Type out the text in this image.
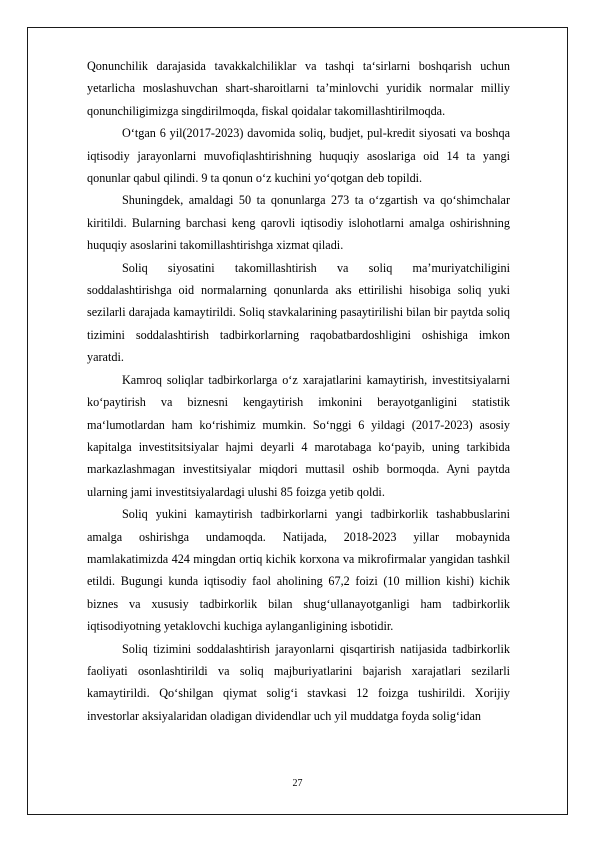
Qonunchilik darajasida tavakkalchiliklar va tashqi ta‘sirlarni boshqarish uchun yetarlicha moslashuvchan shart-sharoitlarni ta’minlovchi yuridik normalar milliy qonunchiligimizga singdirilmoqda, fiskal qoidalar takomillashtirilmoqda.

O‘tgan 6 yil(2017-2023) davomida soliq, budjet, pul-kredit siyosati va boshqa iqtisodiy jarayonlarni muvofiqlashtirishning huquqiy asoslariga oid 14 ta yangi qonunlar qabul qilindi. 9 ta qonun o‘z kuchini yo‘qotgan deb topildi.

Shuningdek, amaldagi 50 ta qonunlarga 273 ta o‘zgartish va qo‘shimchalar kiritildi. Bularning barchasi keng qarovli iqtisodiy islohotlarni amalga oshirishning huquqiy asoslarini takomillashtirishga xizmat qiladi.

Soliq siyosatini takomillashtirish va soliq ma’muriyatchiligini soddalashtirishga oid normalarning qonunlarda aks ettirilishi hisobiga soliq yuki sezilarli darajada kamaytirildi. Soliq stavkalarining pasaytirilishi bilan bir paytda soliq tizimini soddalashtirish tadbirkorlarning raqobatbardoshligini oshishiga imkon yaratdi.

Kamroq soliqlar tadbirkorlarga o‘z xarajatlarini kamaytirish, investitsiyalarni ko‘paytirish va biznesni kengaytirish imkonini berayotganligini statistik ma‘lumotlardan ham ko‘rishimiz mumkin. So‘nggi 6 yildagi (2017-2023) asosiy kapitalga investitsitsiyalar hajmi deyarli 4 marotabaga ko‘payib, uning tarkibida markazlashmagan investitsiyalar miqdori muttasil oshib bormoqda. Ayni paytda ularning jami investitsiyalardagi ulushi 85 foizga yetib qoldi.

Soliq yukini kamaytirish tadbirkorlarni yangi tadbirkorlik tashabbuslarini amalga oshirishga undamoqda. Natijada, 2018-2023 yillar mobaynida mamlakatimizda 424 mingdan ortiq kichik korxona va mikrofirmalar yangidan tashkil etildi. Bugungi kunda iqtisodiy faol aholining 67,2 foizi (10 million kishi) kichik biznes va xususiy tadbirkorlik bilan shug‘ullanayotganligi ham tadbirkorlik iqtisodiyotning yetaklovchi kuchiga aylanganligining isbotidir.

Soliq tizimini soddalashtirish jarayonlarni qisqartirish natijasida tadbirkorlik faoliyati osonlashtirildi va soliq majburiyatlarini bajarish xarajatlari sezilarli kamaytirildi. Qo‘shilgan qiymat solig‘i stavkasi 12 foizga tushirildi. Xorijiy investorlar aksiyalaridan oladigan dividendlar uch yil muddatga foyda solig‘idan

27
